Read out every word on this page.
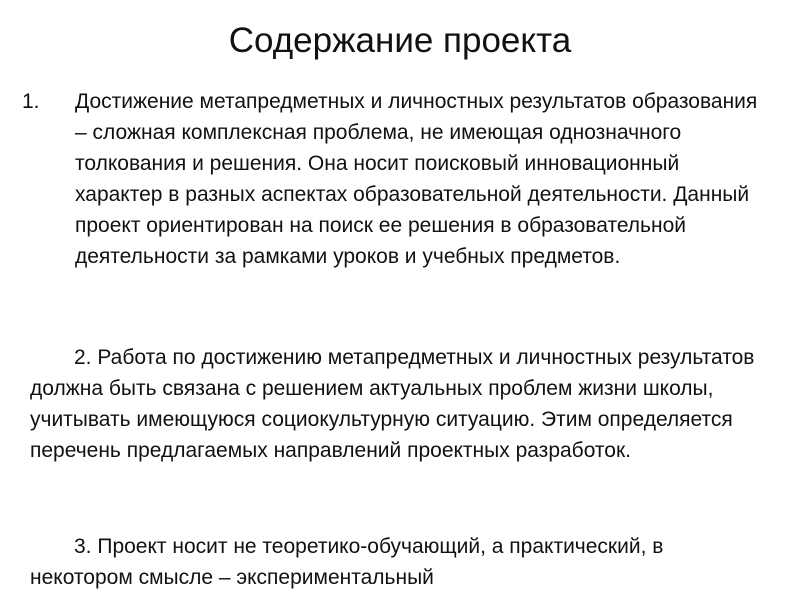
Содержание проекта
1. Достижение метапредметных и личностных результатов образования – сложная комплексная проблема, не имеющая однозначного толкования и решения. Она носит поисковый инновационный характер в разных аспектах образовательной деятельности. Данный проект ориентирован на поиск ее решения в образовательной деятельности за рамками уроков и учебных предметов.
2. Работа по достижению метапредметных и личностных результатов должна быть связана с решением актуальных проблем жизни школы, учитывать имеющуюся социокультурную ситуацию. Этим определяется перечень предлагаемых направлений проектных разработок.
3. Проект носит не теоретико-обучающий, а практический, в некотором смысле – экспериментальный
